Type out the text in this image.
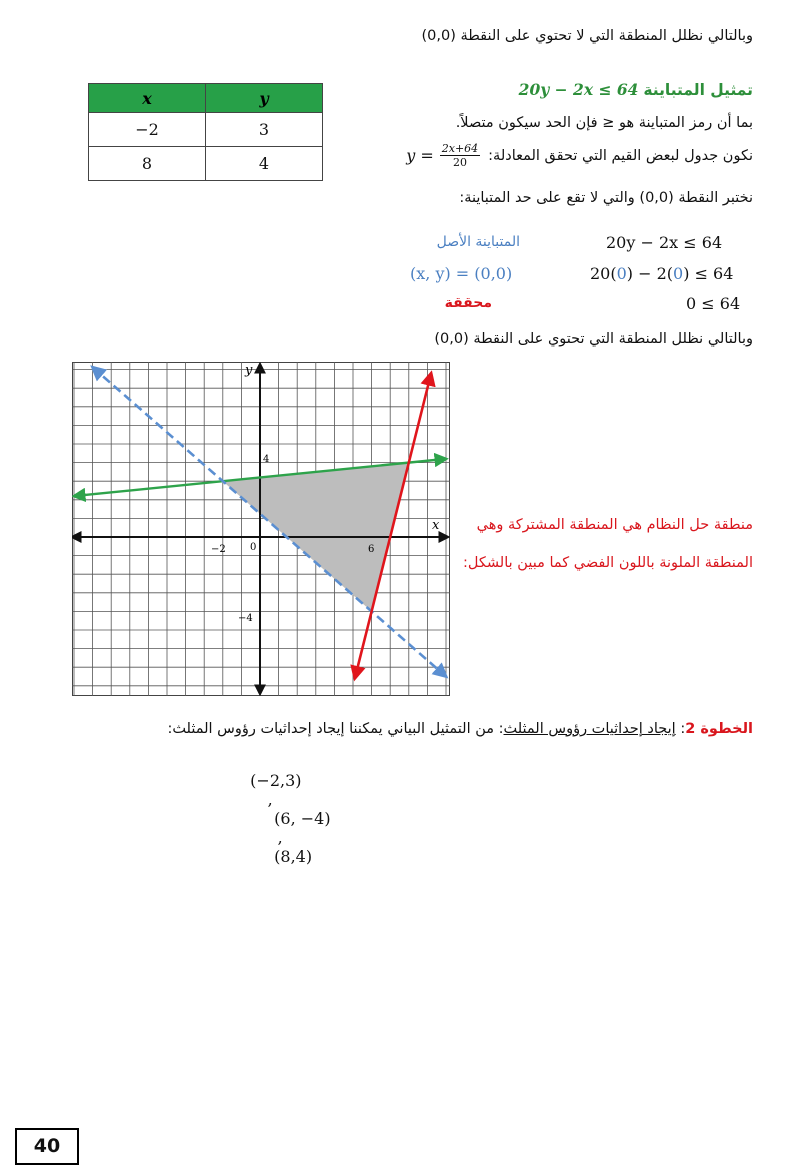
وبالتالي نظلل المنطقة التي لا تحتوي على النقطة (0,0)
تمثيل المتباينة 20y − 2x ≤ 64
x	y
−2	3
8	4
بما أن رمز المتباينة هو ≤ فإن الحد سيكون متصلاً.
نكون جدول لبعض القيم التي تحقق المعادلة:
$y = \frac{2x+64}{20}$
نختبر النقطة (0,0) والتي لا تقع على حد المتباينة:
20y − 2x ≤ 64
المتباينة الأصل
20(0) − 2(0) ≤ 64
(x, y) = (0,0)
0 ≤ 64
محققة
وبالتالي نظلل المنطقة التي تحتوي على النقطة (0,0)
y
x
−2	6
0
4
−4
منطقة حل النظام هي المنطقة المشتركة وهي
المنطقة الملونة باللون الفضي كما مبين بالشكل:
الخطوة 2: إيجاد إحداثيات رؤوس المثلث: من التمثيل البياني يمكننا إيجاد إحداثيات رؤوس المثلث:

(−2,3)
,
(6, −4)
,
(8,4)

40
